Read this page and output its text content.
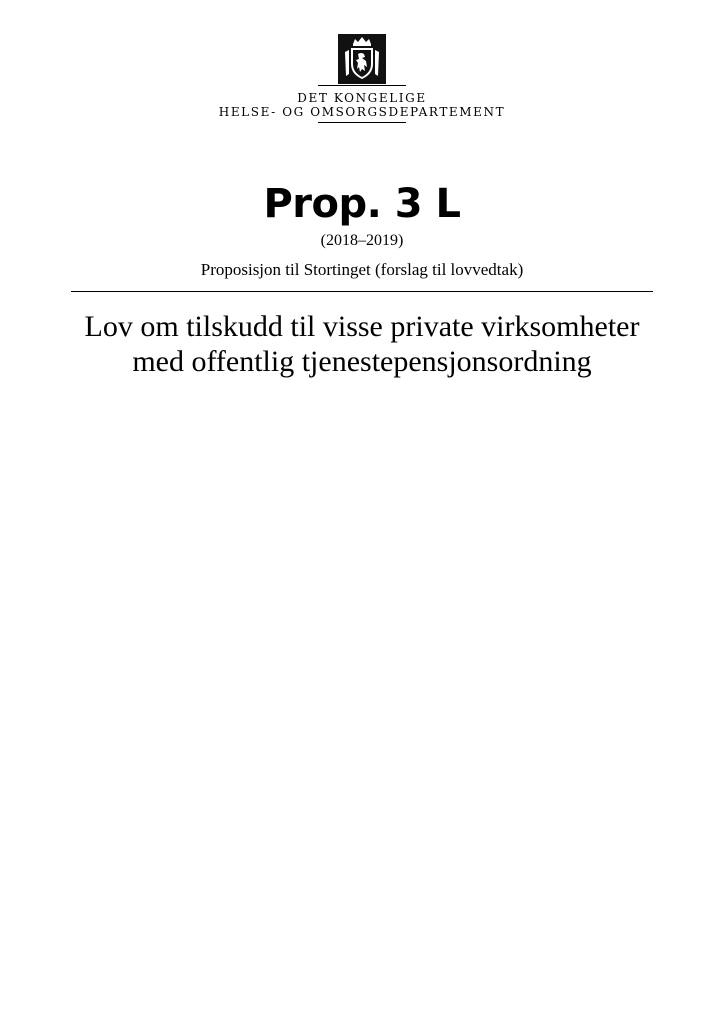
DET KONGELIGE
HELSE- OG OMSORGSDEPARTEMENT
Prop. 3 L
(2018–2019)
Proposisjon til Stortinget (forslag til lovvedtak)
Lov om tilskudd til visse private virksomheter
med offentlig tjenestepensjonsordning
